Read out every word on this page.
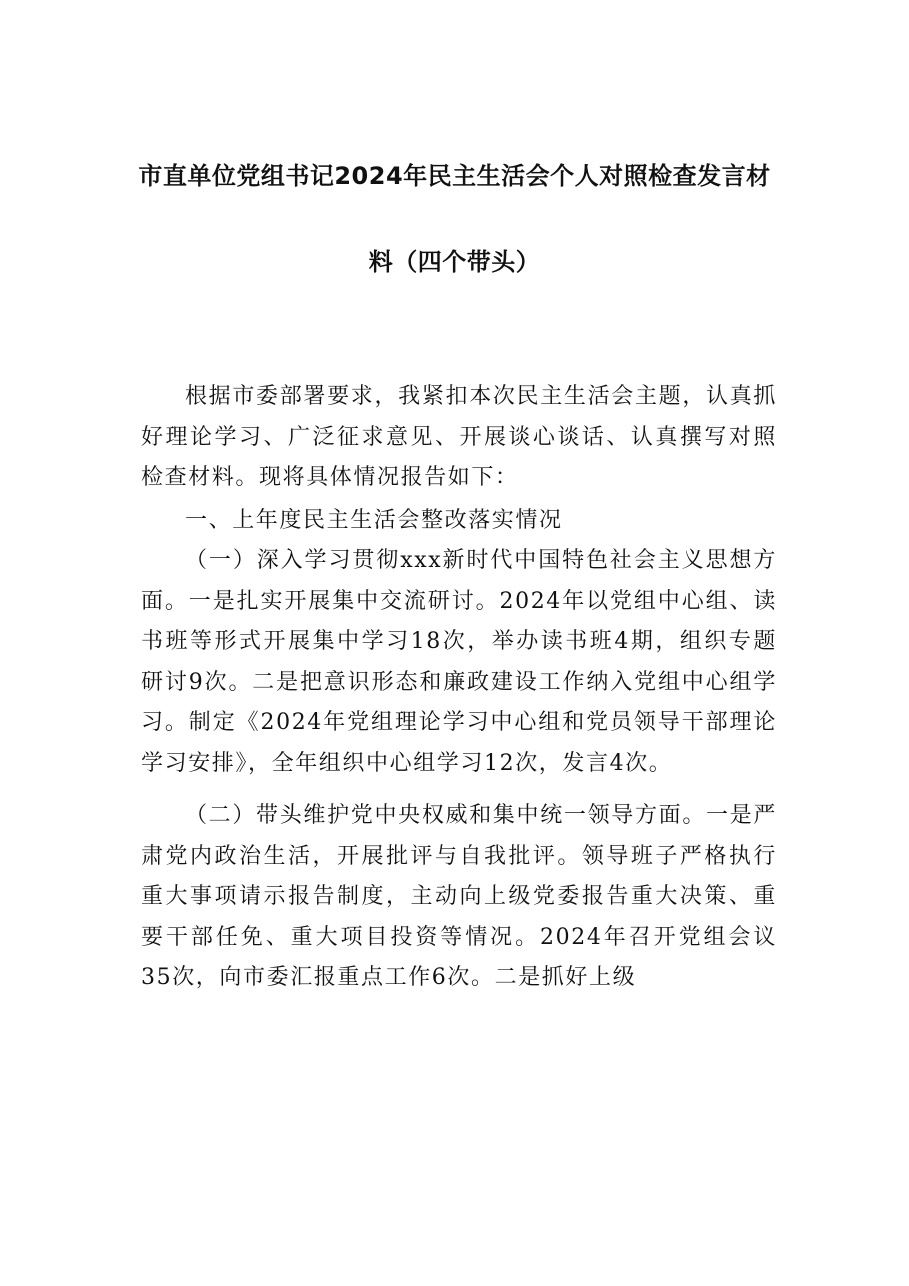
市直单位党组书记2024年民主生活会个人对照检查发言材
料（四个带头）

根据市委部署要求，我紧扣本次民主生活会主题，认真抓好理论学习、广泛征求意见、开展谈心谈话、认真撰写对照检查材料。现将具体情况报告如下：

一、上年度民主生活会整改落实情况

（一）深入学习贯彻xxx新时代中国特色社会主义思想方面。一是扎实开展集中交流研讨。2024年以党组中心组、读书班等形式开展集中学习18次，举办读书班4期，组织专题研讨9次。二是把意识形态和廉政建设工作纳入党组中心组学习。制定《2024年党组理论学习中心组和党员领导干部理论学习安排》，全年组织中心组学习12次，发言4次。

（二）带头维护党中央权威和集中统一领导方面。一是严肃党内政治生活，开展批评与自我批评。领导班子严格执行重大事项请示报告制度，主动向上级党委报告重大决策、重要干部任免、重大项目投资等情况。2024年召开党组会议35次，向市委汇报重点工作6次。二是抓好上级
